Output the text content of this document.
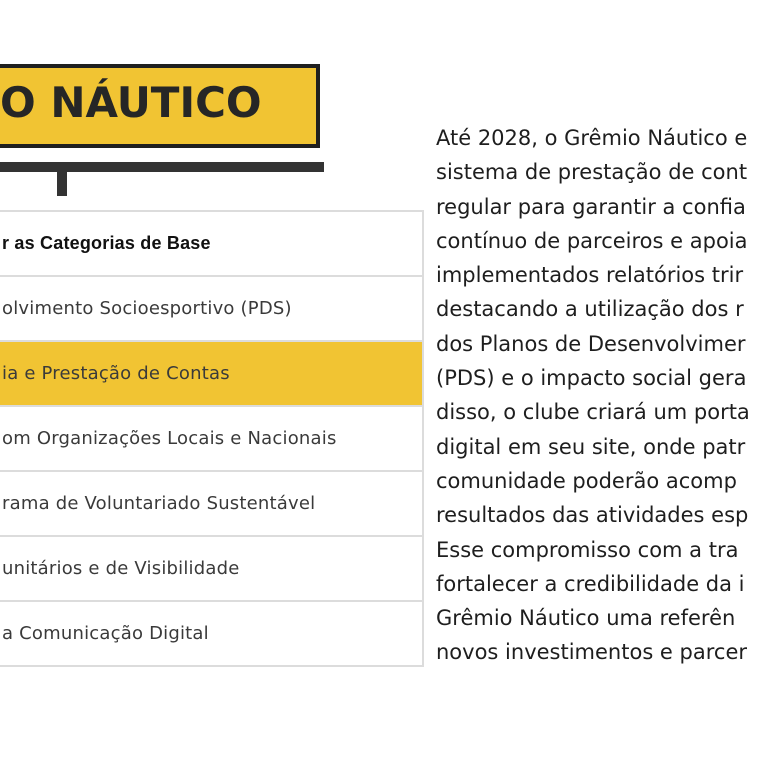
O NÁUTICO
r as Categorias de Base
olvimento Socioesportivo (PDS)
ia e Prestação de Contas
om Organizações Locais e Nacionais
rama de Voluntariado Sustentável
unitários e de Visibilidade
a Comunicação Digital
Até 2028, o Grêmio Náutico e
sistema de prestação de cont
regular para garantir a confia
contínuo de parceiros e apoia
implementados relatórios trir
destacando a utilização dos r
dos Planos de Desenvolvimer
(PDS) e o impacto social gera
disso, o clube criará um porta
digital em seu site, onde patr
comunidade poderão acomp
resultados das atividades esp
Esse compromisso com a tra
fortalecer a credibilidade da i
Grêmio Náutico uma referên
novos investimentos e parcer
